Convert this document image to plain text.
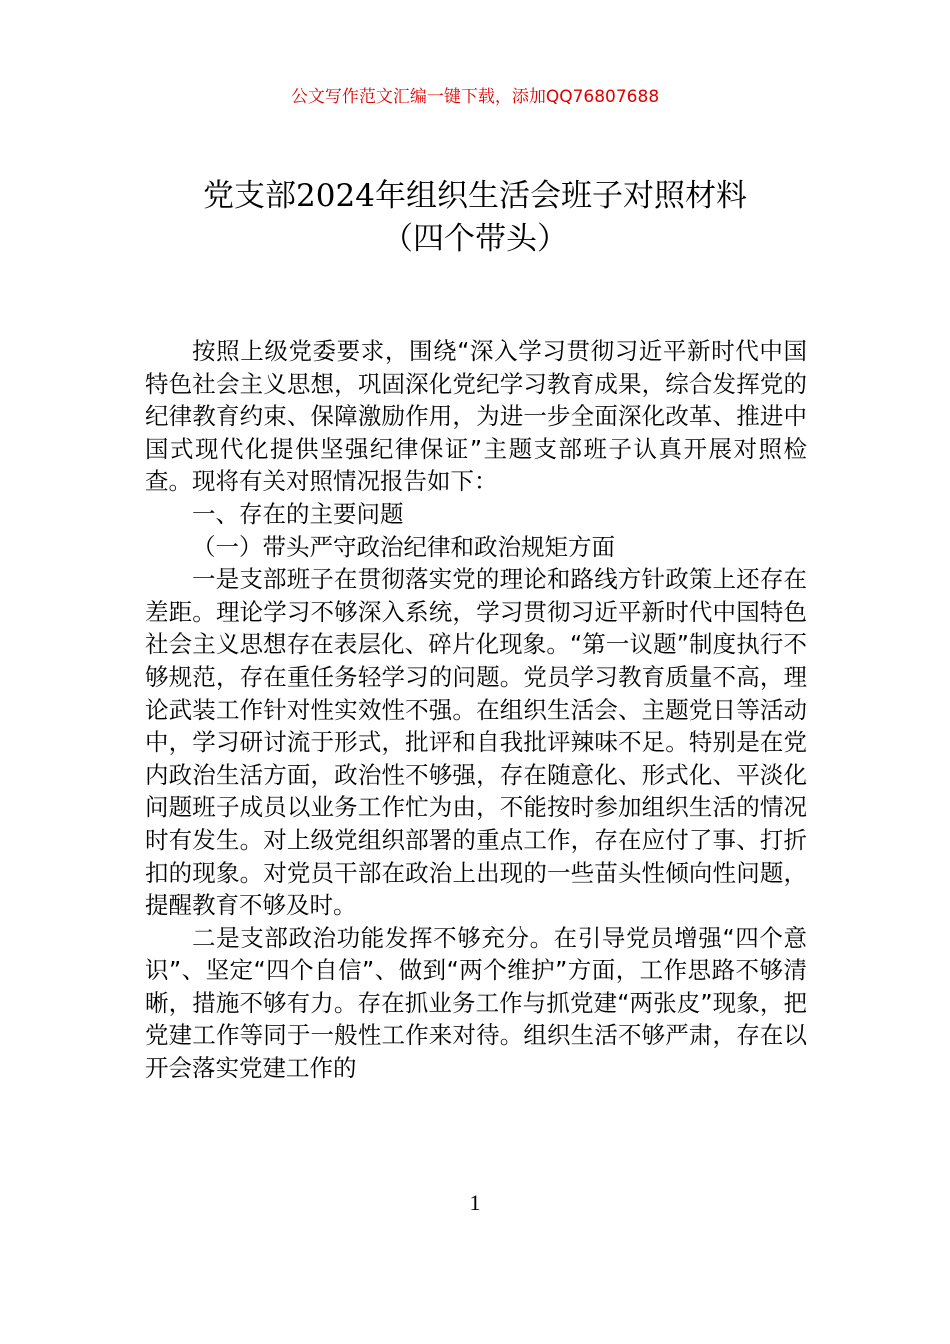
公文写作范文汇编一键下载，添加QQ76807688
党支部2024年组织生活会班子对照材料
（四个带头）

按照上级党委要求，围绕“深入学习贯彻习近平新时代中国特色社会主义思想，巩固深化党纪学习教育成果，综合发挥党的纪律教育约束、保障激励作用，为进一步全面深化改革、推进中国式现代化提供坚强纪律保证”主题支部班子认真开展对照检查。现将有关对照情况报告如下：

一、存在的主要问题

（一）带头严守政治纪律和政治规矩方面

一是支部班子在贯彻落实党的理论和路线方针政策上还存在差距。理论学习不够深入系统，学习贯彻习近平新时代中国特色社会主义思想存在表层化、碎片化现象。“第一议题”制度执行不够规范，存在重任务轻学习的问题。党员学习教育质量不高，理论武装工作针对性实效性不强。在组织生活会、主题党日等活动中，学习研讨流于形式，批评和自我批评辣味不足。特别是在党内政治生活方面，政治性不够强，存在随意化、形式化、平淡化问题班子成员以业务工作忙为由，不能按时参加组织生活的情况时有发生。对上级党组织部署的重点工作，存在应付了事、打折扣的现象。对党员干部在政治上出现的一些苗头性倾向性问题，提醒教育不够及时。

二是支部政治功能发挥不够充分。在引导党员增强“四个意识”、坚定“四个自信”、做到“两个维护”方面，工作思路不够清晰，措施不够有力。存在抓业务工作与抓党建“两张皮”现象，把党建工作等同于一般性工作来对待。组织生活不够严肃，存在以开会落实党建工作的

1
